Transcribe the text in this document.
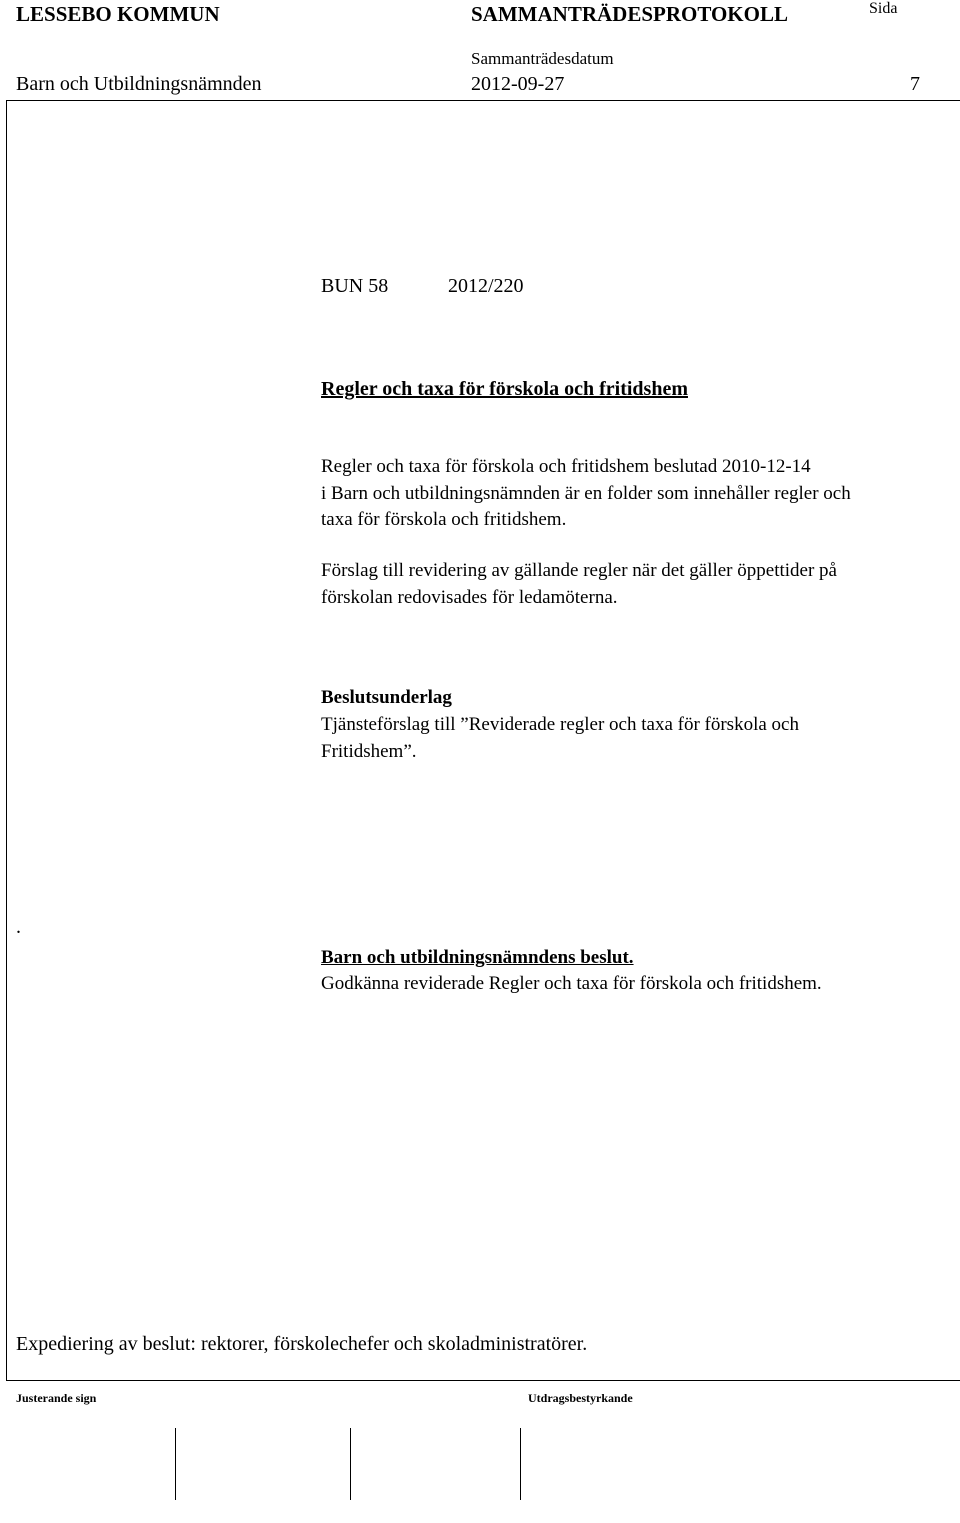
LESSEBO KOMMUN	SAMMANTRÄDESPROTOKOLL	Sida
Sammanträdesdatum
Barn och Utbildningsnämnden	2012-09-27	7
BUN 58	2012/220
Regler och taxa för förskola och fritidshem
Regler och taxa för förskola och fritidshem beslutad 2010-12-14
i Barn och utbildningsnämnden är en folder som innehåller regler och
taxa för förskola och fritidshem.
Förslag till revidering av gällande regler när det gäller öppettider på
förskolan redovisades för ledamöterna.
Beslutsunderlag
Tjänsteförslag till ”Reviderade regler och taxa för förskola och
Fritidshem”.
.
Barn och utbildningsnämndens beslut.
Godkänna reviderade Regler och taxa för förskola och fritidshem.
Expediering av beslut: rektorer, förskolechefer och skoladministratörer.
Justerande sign	Utdragsbestyrkande
